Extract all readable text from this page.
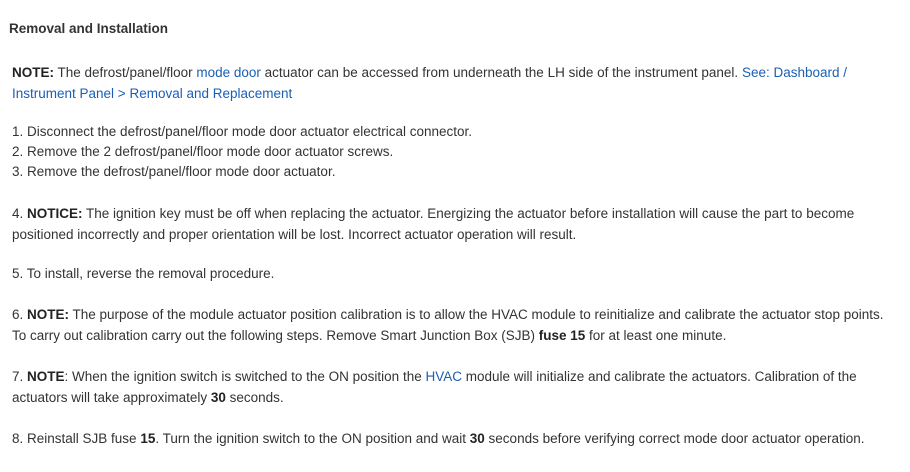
Removal and Installation
NOTE: The defrost/panel/floor mode door actuator can be accessed from underneath the LH side of the instrument panel. See: Dashboard / Instrument Panel > Removal and Replacement
1. Disconnect the defrost/panel/floor mode door actuator electrical connector.
2. Remove the 2 defrost/panel/floor mode door actuator screws.
3. Remove the defrost/panel/floor mode door actuator.
4. NOTICE: The ignition key must be off when replacing the actuator. Energizing the actuator before installation will cause the part to become positioned incorrectly and proper orientation will be lost. Incorrect actuator operation will result.
5. To install, reverse the removal procedure.
6. NOTE: The purpose of the module actuator position calibration is to allow the HVAC module to reinitialize and calibrate the actuator stop points. To carry out calibration carry out the following steps. Remove Smart Junction Box (SJB) fuse 15 for at least one minute.
7. NOTE: When the ignition switch is switched to the ON position the HVAC module will initialize and calibrate the actuators. Calibration of the actuators will take approximately 30 seconds.
8. Reinstall SJB fuse 15. Turn the ignition switch to the ON position and wait 30 seconds before verifying correct mode door actuator operation.
